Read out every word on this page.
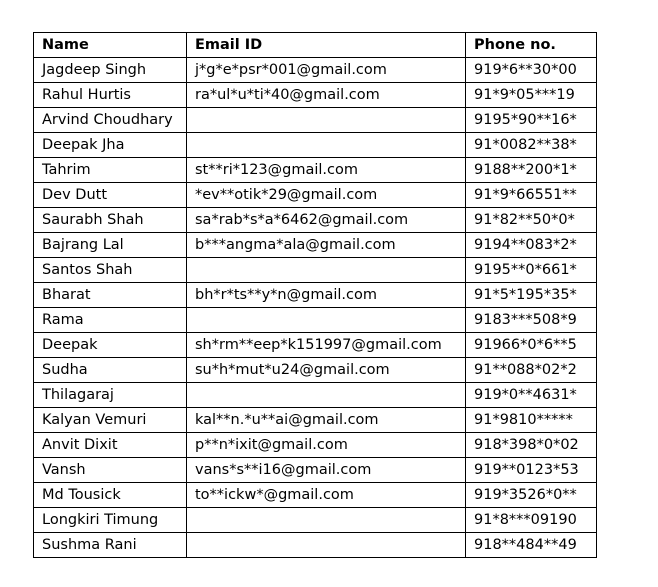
Name	Email ID	Phone no.
Jagdeep Singh	j*g*e*psr*001@gmail.com	919*6**30*00
Rahul Hurtis	ra*ul*u*ti*40@gmail.com	91*9*05***19
Arvind Choudhary		9195*90**16*
Deepak Jha		91*0082**38*
Tahrim	st**ri*123@gmail.com	9188**200*1*
Dev Dutt	*ev**otik*29@gmail.com	91*9*66551**
Saurabh Shah	sa*rab*s*a*6462@gmail.com	91*82**50*0*
Bajrang Lal	b***angma*ala@gmail.com	9194**083*2*
Santos Shah		9195**0*661*
Bharat	bh*r*ts**y*n@gmail.com	91*5*195*35*
Rama		9183***508*9
Deepak	sh*rm**eep*k151997@gmail.com	91966*0*6**5
Sudha	su*h*mut*u24@gmail.com	91**088*02*2
Thilagaraj		919*0**4631*
Kalyan Vemuri	kal**n.*u**ai@gmail.com	91*9810*****
Anvit Dixit	p**n*ixit@gmail.com	918*398*0*02
Vansh	vans*s**i16@gmail.com	919**0123*53
Md Tousick	to**ickw*@gmail.com	919*3526*0**
Longkiri Timung		91*8***09190
Sushma Rani		918**484**49
